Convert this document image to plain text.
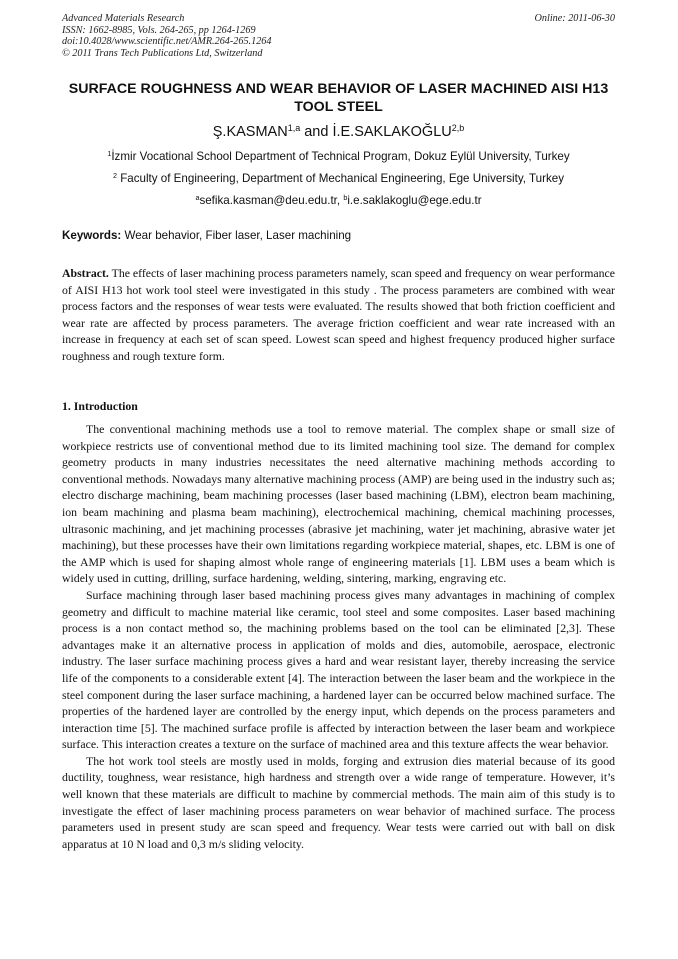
Advanced Materials Research
ISSN: 1662-8985, Vols. 264-265, pp 1264-1269
doi:10.4028/www.scientific.net/AMR.264-265.1264
© 2011 Trans Tech Publications Ltd, Switzerland
Online: 2011-06-30
SURFACE ROUGHNESS AND WEAR BEHAVIOR OF LASER MACHINED AISI H13 TOOL STEEL
Ş.KASMAN$^{1,a}$ and İ.E.SAKLAKOĞLU$^{2,b}$
$^1$İzmir Vocational School Department of Technical Program, Dokuz Eylül University, Turkey
$^2$ Faculty of Engineering, Department of Mechanical Engineering, Ege University, Turkey
$^a$sefika.kasman@deu.edu.tr, $^b$i.e.saklakoglu@ege.edu.tr
Keywords: Wear behavior, Fiber laser, Laser machining
Abstract. The effects of laser machining process parameters namely, scan speed and frequency on wear performance of AISI H13 hot work tool steel were investigated in this study . The process parameters are combined with wear process factors and the responses of wear tests were evaluated. The results showed that both friction coefficient and wear rate are affected by process parameters. The average friction coefficient and wear rate increased with an increase in frequency at each set of scan speed. Lowest scan speed and highest frequency produced higher surface roughness and rough texture form.
1. Introduction

The conventional machining methods use a tool to remove material. The complex shape or small size of workpiece restricts use of conventional method due to its limited machining tool size. The demand for complex geometry products in many industries necessitates the need alternative machining methods according to conventional methods. Nowadays many alternative machining process (AMP) are being used in the industry such as; electro discharge machining, beam machining processes (laser based machining (LBM), electron beam machining, ion beam machining and plasma beam machining), electrochemical machining, chemical machining processes, ultrasonic machining, and jet machining processes (abrasive jet machining, water jet machining, abrasive water jet machining), but these processes have their own limitations regarding workpiece material, shapes, etc. LBM is one of the AMP which is used for shaping almost whole range of engineering materials [1]. LBM uses a beam which is widely used in cutting, drilling, surface hardening, welding, sintering, marking, engraving etc.

Surface machining through laser based machining process gives many advantages in machining of complex geometry and difficult to machine material like ceramic, tool steel and some composites. Laser based machining process is a non contact method so, the machining problems based on the tool can be eliminated [2,3]. These advantages make it an alternative process in application of molds and dies, automobile, aerospace, electronic industry. The laser surface machining process gives a hard and wear resistant layer, thereby increasing the service life of the components to a considerable extent [4]. The interaction between the laser beam and the workpiece in the steel component during the laser surface machining, a hardened layer can be occurred below machined surface. The properties of the hardened layer are controlled by the energy input, which depends on the process parameters and interaction time [5]. The machined surface profile is affected by interaction between the laser beam and workpiece surface. This interaction creates a texture on the surface of machined area and this texture affects the wear behavior.

The hot work tool steels are mostly used in molds, forging and extrusion dies material because of its good ductility, toughness, wear resistance, high hardness and strength over a wide range of temperature. However, it’s well known that these materials are difficult to machine by commercial methods. The main aim of this study is to investigate the effect of laser machining process parameters on wear behavior of machined surface. The process parameters used in present study are scan speed and frequency. Wear tests were carried out with ball on disk apparatus at 10 N load and 0,3 m/s sliding velocity.
